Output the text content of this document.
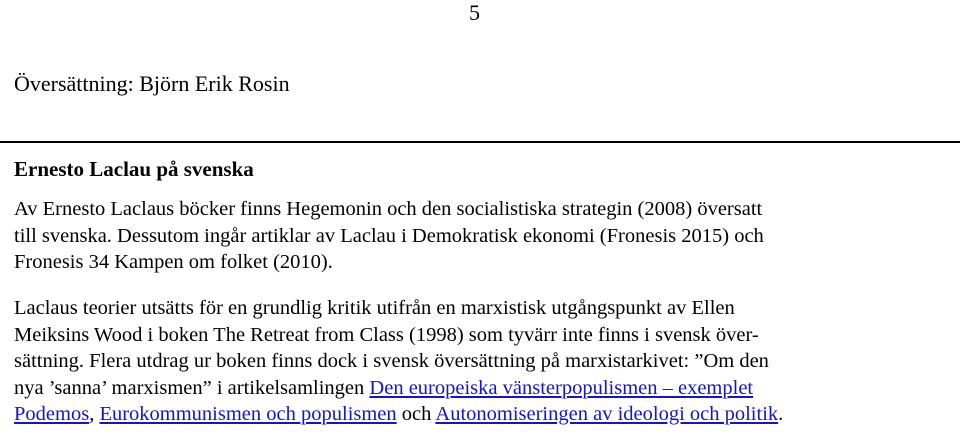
5
Översättning: Björn Erik Rosin
Ernesto Laclau på svenska
Av Ernesto Laclaus böcker finns Hegemonin och den socialistiska strategin (2008) översatt
till svenska. Dessutom ingår artiklar av Laclau i Demokratisk ekonomi (Fronesis 2015) och
Fronesis 34 Kampen om folket (2010).
Laclaus teorier utsätts för en grundlig kritik utifrån en marxistisk utgångspunkt av Ellen
Meiksins Wood i boken The Retreat from Class (1998) som tyvärr inte finns i svensk över-
sättning. Flera utdrag ur boken finns dock i svensk översättning på marxistarkivet: ”Om den
nya ’sanna’ marxismen” i artikelsamlingen Den europeiska vänsterpopulismen – exemplet
Podemos, Eurokommunismen och populismen och Autonomiseringen av ideologi och politik.
